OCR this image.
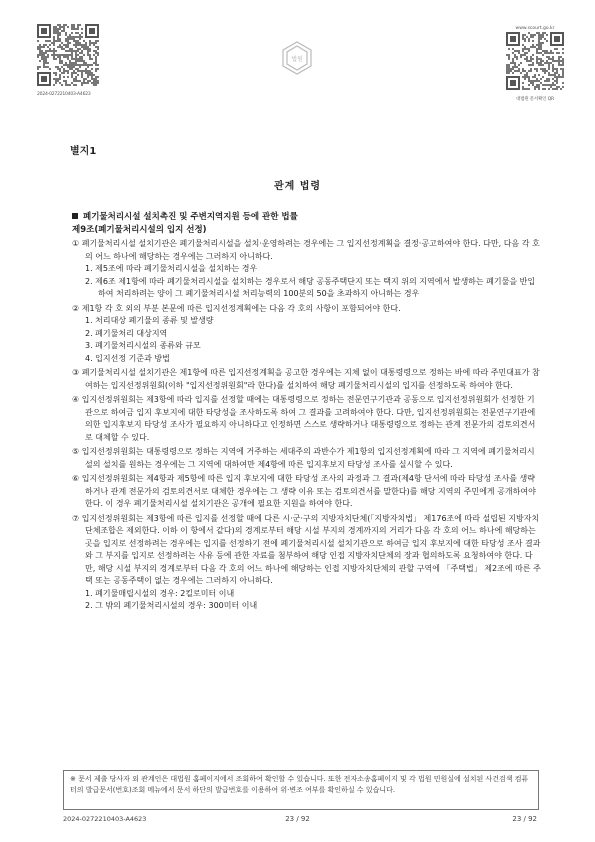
2024-0272210403-A4623
법원
www.scourt.go.kr
대법원 문서확인 QR
별지1
관계 법령

폐기물처리시설 설치촉진 및 주변지역지원 등에 관한 법률

제9조(폐기물처리시설의 입지 선정)

① 폐기물처리시설 설치기관은 폐기물처리시설을 설치·운영하려는 경우에는 그 입지선정계획을 결정·공고하여야 한다. 다만, 다음 각 호의 어느 하나에 해당하는 경우에는 그러하지 아니하다.

1. 제5조에 따라 폐기물처리시설을 설치하는 경우

2. 제6조 제1항에 따라 폐기물처리시설을 설치하는 경우로서 해당 공동주택단지 또는 택지 위의 지역에서 발생하는 폐기물을 반입하여 처리하려는 양이 그 폐기물처리시설 처리능력의 100분의 50을 초과하지 아니하는 경우

② 제1항 각 호 외의 부분 본문에 따른 입지선정계획에는 다음 각 호의 사항이 포함되어야 한다.

1. 처리대상 폐기물의 종류 및 발생량

2. 폐기물처리 대상지역

3. 폐기물처리시설의 종류와 규모

4. 입지선정 기준과 방법

③ 폐기물처리시설 설치기관은 제1항에 따른 입지선정계획을 공고한 경우에는 지체 없이 대통령령으로 정하는 바에 따라 주민대표가 참여하는 입지선정위원회(이하 "입지선정위원회"라 한다)를 설치하여 해당 폐기물처리시설의 입지를 선정하도록 하여야 한다.

④ 입지선정위원회는 제3항에 따라 입지를 선정할 때에는 대통령령으로 정하는 전문연구기관과 공동으로 입지선정위원회가 선정한 기관으로 하여금 입지 후보지에 대한 타당성을 조사하도록 하여 그 결과를 고려하여야 한다. 다만, 입지선정위원회는 전문연구기관에 의한 입지후보지 타당성 조사가 필요하지 아니하다고 인정하면 스스로 생략하거나 대통령령으로 정하는 관계 전문가의 검토의견서로 대체할 수 있다.

⑤ 입지선정위원회는 대통령령으로 정하는 지역에 거주하는 세대주의 과반수가 제1항의 입지선정계획에 따라 그 지역에 폐기물처리시설의 설치를 원하는 경우에는 그 지역에 대하여만 제4항에 따른 입지후보지 타당성 조사를 실시할 수 있다.

⑥ 입지선정위원회는 제4항과 제5항에 따른 입지 후보지에 대한 타당성 조사의 과정과 그 결과(제4항 단서에 따라 타당성 조사를 생략하거나 관계 전문가의 검토의견서로 대체한 경우에는 그 생략 이유 또는 검토의견서를 말한다)를 해당 지역의 주민에게 공개하여야 한다. 이 경우 폐기물처리시설 설치기관은 공개에 필요한 지원을 하여야 한다.

⑦ 입지선정위원회는 제3항에 따른 입지를 선정할 때에 다른 시·군·구의 지방자치단체(「지방자치법」 제176조에 따라 설립된 지방자치단체조합은 제외한다. 이하 이 항에서 같다)의 경계로부터 해당 시설 부지의 경계까지의 거리가 다음 각 호의 어느 하나에 해당하는 곳을 입지로 선정하려는 경우에는 입지를 선정하기 전에 폐기물처리시설 설치기관으로 하여금 입지 후보지에 대한 타당성 조사 결과와 그 부지를 입지로 선정하려는 사유 등에 관한 자료를 첨부하여 해당 인접 지방자치단체의 장과 협의하도록 요청하여야 한다. 다만, 해당 시설 부지의 경계로부터 다음 각 호의 어느 하나에 해당하는 인접 지방자치단체의 관할 구역에 「주택법」 제2조에 따른 주택 또는 공동주택이 없는 경우에는 그러하지 아니하다.

1. 폐기물매립시설의 경우: 2킬로미터 이내

2. 그 밖의 폐기물처리시설의 경우: 300미터 이내

※ 문서 제출 당사자 외 관계인은 대법원 홈페이지에서 조회하여 확인할 수 있습니다. 또한 전자소송홈페이지 및 각 법원 민원실에 설치된 사건검색 컴퓨터의 발급문서(번호)조회 메뉴에서 문서 하단의 발급번호를 이용하여 위·변조 여부를 확인하실 수 있습니다.
2024-0272210403-A4623	23 / 92	23 / 92
